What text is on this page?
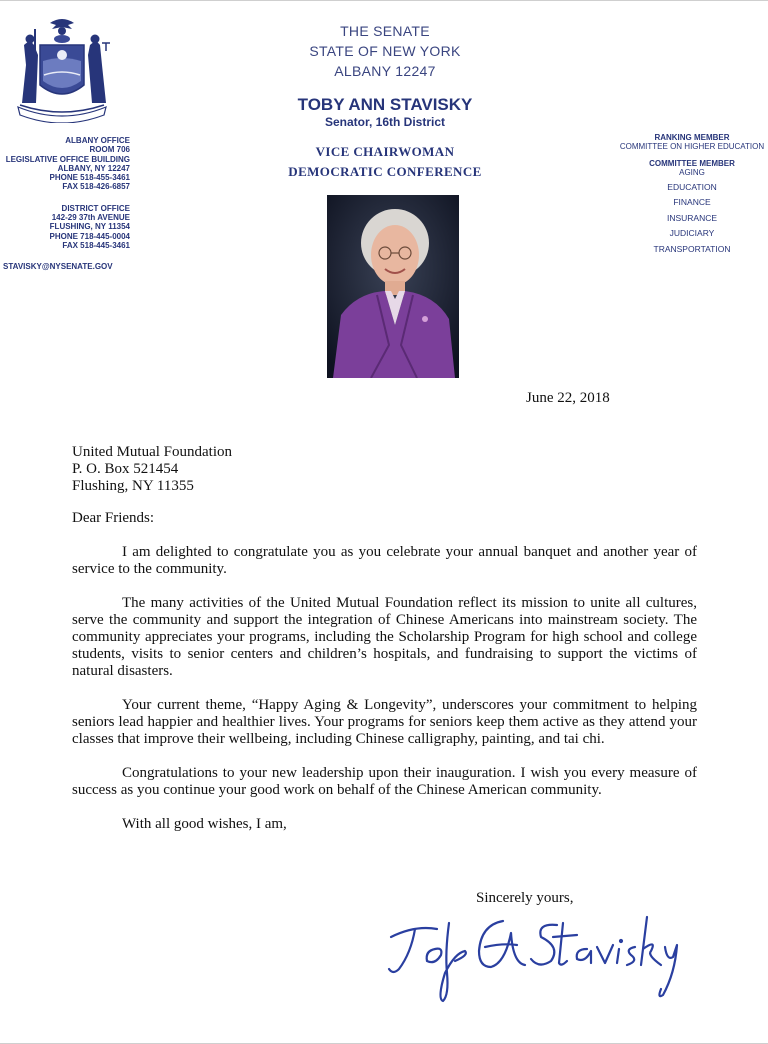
ALBANY OFFICE
ROOM 706
LEGISLATIVE OFFICE BUILDING
ALBANY, NY 12247
PHONE 518-455-3461
FAX 518-426-6857
DISTRICT OFFICE
142-29 37th AVENUE
FLUSHING, NY 11354
PHONE 718-445-0004
FAX 518-445-3461
STAVISKY@NYSENATE.GOV
THE SENATE
STATE OF NEW YORK
ALBANY 12247
TOBY ANN STAVISKY
Senator, 16th District
VICE CHAIRWOMAN
DEMOCRATIC CONFERENCE
RANKING MEMBER
COMMITTEE ON HIGHER EDUCATION
COMMITTEE MEMBER
AGING
EDUCATION
FINANCE
INSURANCE
JUDICIARY
TRANSPORTATION
June 22, 2018
United Mutual Foundation
P. O. Box 521454
Flushing, NY 11355
Dear Friends:
I am delighted to congratulate you as you celebrate your annual banquet and another year of service to the community.
The many activities of the United Mutual Foundation reflect its mission to unite all cultures, serve the community and support the integration of Chinese Americans into mainstream society. The community appreciates your programs, including the Scholarship Program for high school and college students, visits to senior centers and children’s hospitals, and fundraising to support the victims of natural disasters.
Your current theme, “Happy Aging & Longevity”, underscores your commitment to helping seniors lead happier and healthier lives. Your programs for seniors keep them active as they attend your classes that improve their wellbeing, including Chinese calligraphy, painting, and tai chi.
Congratulations to your new leadership upon their inauguration. I wish you every measure of success as you continue your good work on behalf of the Chinese American community.
With all good wishes, I am,
Sincerely yours,
